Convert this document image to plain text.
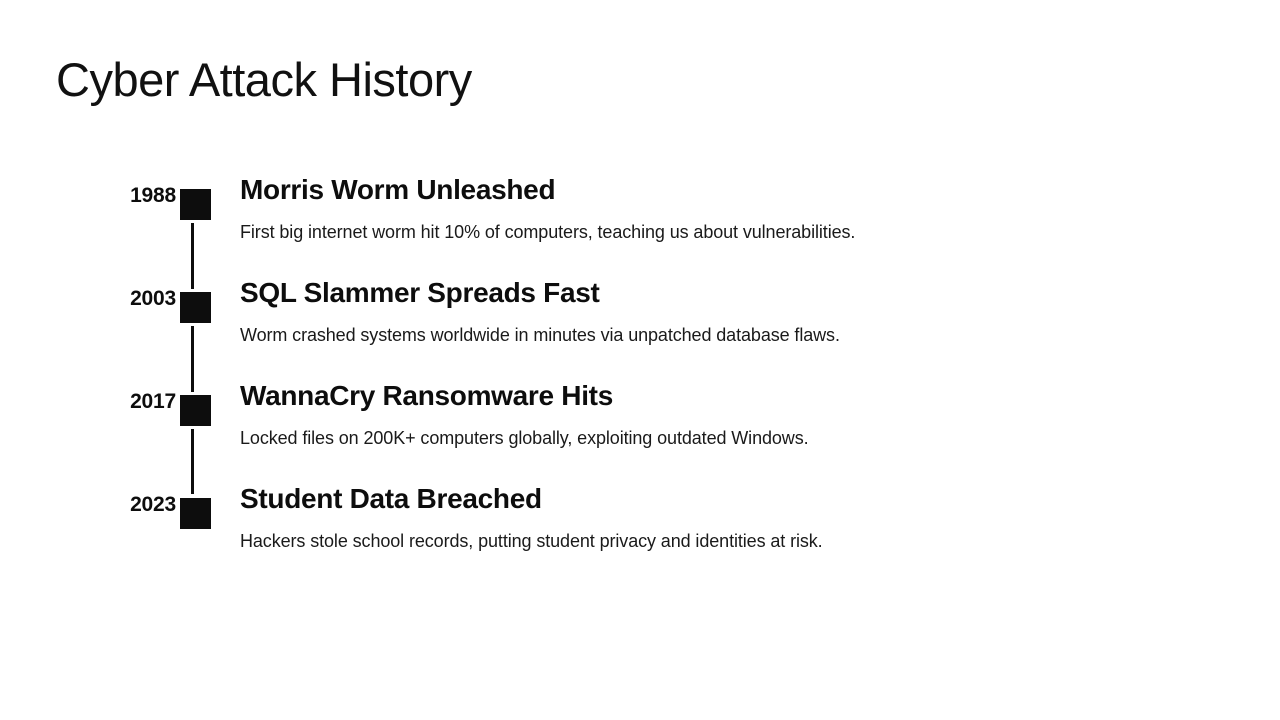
Cyber Attack History
1988 Morris Worm Unleashed

First big internet worm hit 10% of computers, teaching us about vulnerabilities.

2003 SQL Slammer Spreads Fast

Worm crashed systems worldwide in minutes via unpatched database flaws.

2017 WannaCry Ransomware Hits

Locked files on 200K+ computers globally, exploiting outdated Windows.

2023 Student Data Breached

Hackers stole school records, putting student privacy and identities at risk.
